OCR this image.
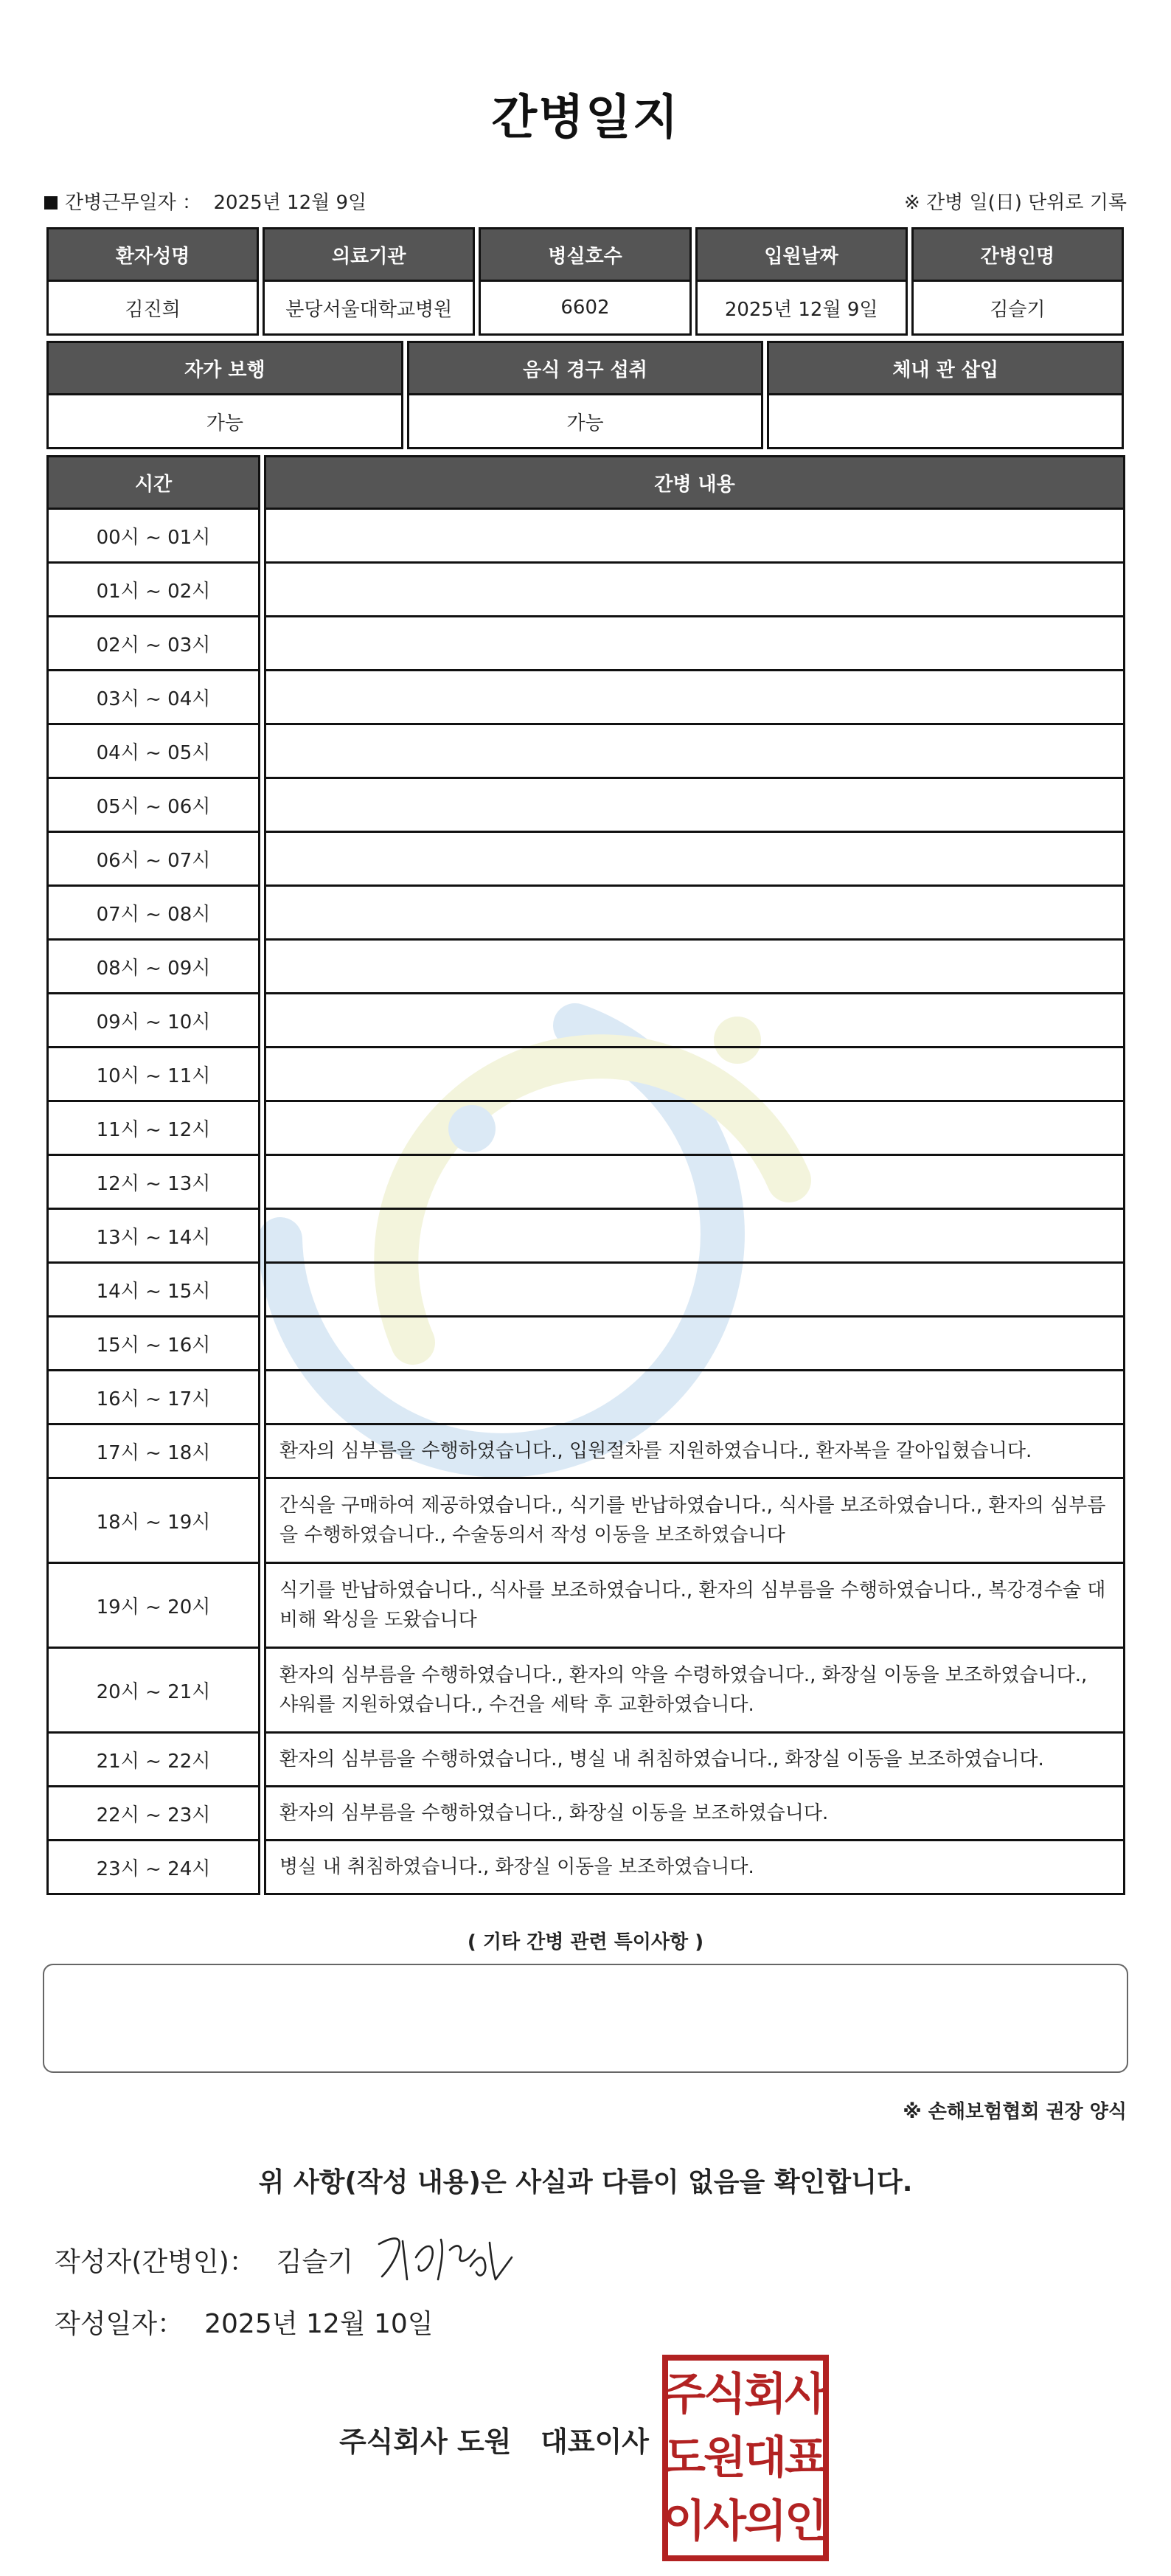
간병일지
간병근무일자 ： 2025년 12월 9일	※ 간병 일(日) 단위로 기록
환자성명	의료기관	병실호수	입원날짜	간병인명
김진희	분당서울대학교병원	6602	2025년 12월 9일	김슬기
자가 보행	음식 경구 섭취	체내 관 삽입
가능	가능	
시간	간병 내용
00시 ~ 01시	
01시 ~ 02시	
02시 ~ 03시	
03시 ~ 04시	
04시 ~ 05시	
05시 ~ 06시	
06시 ~ 07시	
07시 ~ 08시	
08시 ~ 09시	
09시 ~ 10시	
10시 ~ 11시	
11시 ~ 12시	
12시 ~ 13시	
13시 ~ 14시	
14시 ~ 15시	
15시 ~ 16시	
16시 ~ 17시	
17시 ~ 18시	환자의 심부름을 수행하였습니다., 입원절차를 지원하였습니다., 환자복을 갈아입혔습니다.
18시 ~ 19시	간식을 구매하여 제공하였습니다., 식기를 반납하였습니다., 식사를 보조하였습니다., 환자의 심부름을 수행하였습니다., 수술동의서 작성 이동을 보조하였습니다
19시 ~ 20시	식기를 반납하였습니다., 식사를 보조하였습니다., 환자의 심부름을 수행하였습니다., 복강경수술 대비해 왁싱을 도왔습니다
20시 ~ 21시	환자의 심부름을 수행하였습니다., 환자의 약을 수령하였습니다., 화장실 이동을 보조하였습니다., 샤워를 지원하였습니다., 수건을 세탁 후 교환하였습니다.
21시 ~ 22시	환자의 심부름을 수행하였습니다., 병실 내 취침하였습니다., 화장실 이동을 보조하였습니다.
22시 ~ 23시	환자의 심부름을 수행하였습니다., 화장실 이동을 보조하였습니다.
23시 ~ 24시	병실 내 취침하였습니다., 화장실 이동을 보조하였습니다.
( 기타 간병 관련 특이사항 )
※ 손해보험협회 권장 양식
위 사항(작성 내용)은 사실과 다름이 없음을 확인합니다.
작성자(간병인)： 김슬기
작성일자： 2025년 12월 10일
주식회사 도원   대표이사
주
식
회
사
도
원
대
표
이
사
의
인
